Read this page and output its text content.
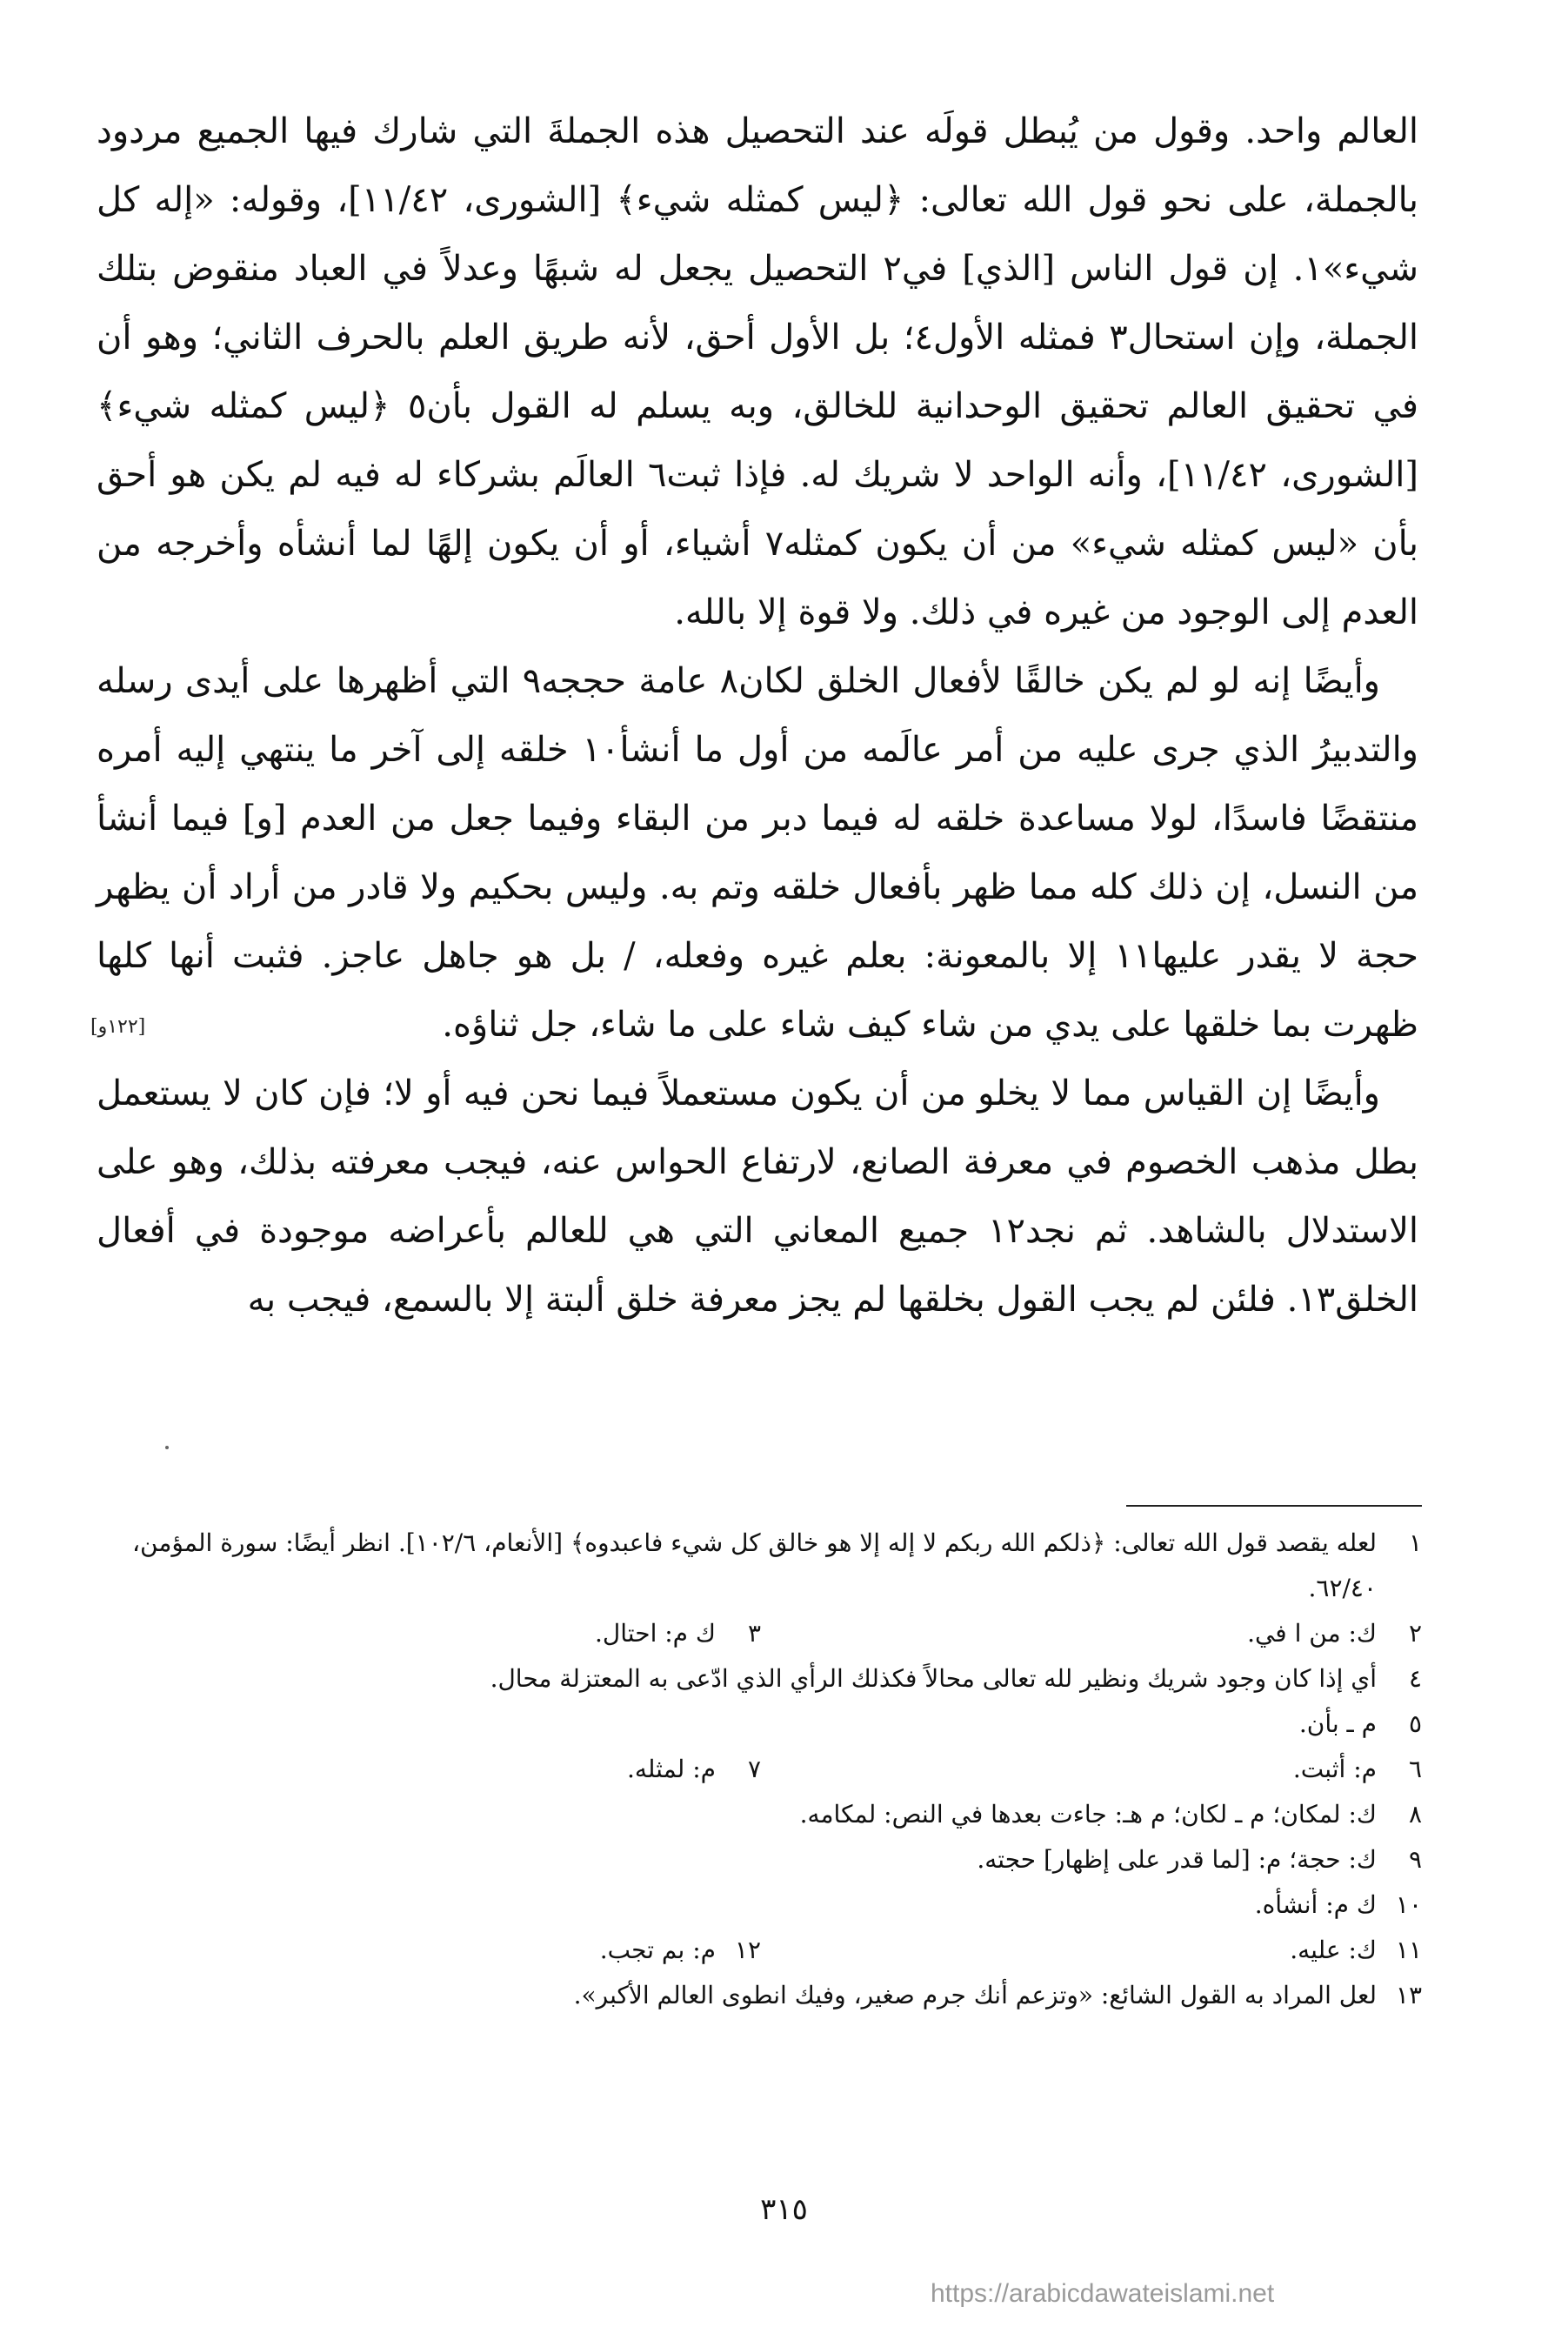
العالم واحد. وقول من يُبطل قولَه عند التحصيل هذه الجملةَ التي شارك فيها الجميع مردود بالجملة، على نحو قول الله تعالى: ﴿ليس كمثله شيء﴾ [الشورى، ١١/٤٢]، وقوله: «إله كل شيء»١. إن قول الناس [الذي] في٢ التحصيل يجعل له شبهًا وعدلاً في العباد منقوض بتلك الجملة، وإن استحال٣ فمثله الأول٤؛ بل الأول أحق، لأنه طريق العلم بالحرف الثاني؛ وهو أن في تحقيق العالم تحقيق الوحدانية للخالق، وبه يسلم له القول بأن٥ ﴿ليس كمثله شيء﴾ [الشورى، ١١/٤٢]، وأنه الواحد لا شريك له. فإذا ثبت٦ العالَم بشركاء له فيه لم يكن هو أحق بأن «ليس كمثله شيء» من أن يكون كمثله٧ أشياء، أو أن يكون إلهًا لما أنشأه وأخرجه من العدم إلى الوجود من غيره في ذلك. ولا قوة إلا بالله.

وأيضًا إنه لو لم يكن خالقًا لأفعال الخلق لكان٨ عامة حججه٩ التي أظهرها على أيدى رسله والتدبيرُ الذي جرى عليه من أمر عالَمه من أول ما أنشأ١٠ خلقه إلى آخر ما ينتهي إليه أمره منتقضًا فاسدًا، لولا مساعدة خلقه له فيما دبر من البقاء وفيما جعل من العدم [و] فيما أنشأ من النسل، إن ذلك كله مما ظهر بأفعال خلقه وتم به. وليس بحكيم ولا قادر من أراد أن يظهر حجة لا يقدر عليها١١ إلا بالمعونة: بعلم غيره وفعله، / بل هو جاهل عاجز. فثبت أنها كلها ظهرت بما خلقها على يدي من شاء كيف شاء على ما شاء، جل ثناؤه.

وأيضًا إن القياس مما لا يخلو من أن يكون مستعملاً فيما نحن فيه أو لا؛ فإن كان لا يستعمل بطل مذهب الخصوم في معرفة الصانع، لارتفاع الحواس عنه، فيجب معرفته بذلك، وهو على الاستدلال بالشاهد. ثم نجد١٢ جميع المعاني التي هي للعالم بأعراضه موجودة في أفعال الخلق١٣. فلئن لم يجب القول بخلقها لم يجز معرفة خلق ألبتة إلا بالسمع، فيجب به

[١٢٢و]
١
لعله يقصد قول الله تعالى: ﴿ذلكم الله ربكم لا إله إلا هو خالق كل شيء فاعبدوه﴾ [الأنعام، ١٠٢/٦]. انظر أيضًا: سورة المؤمن، ٦٢/٤٠.
٢
ك: من ا في.
٣
ك م: احتال.
٤
أي إذا كان وجود شريك ونظير لله تعالى محالاً فكذلك الرأي الذي ادّعى به المعتزلة محال.
٥
م ـ بأن.
٦
م: أثبت.
٧
م: لمثله.
٨
ك: لمكان؛ م ـ لكان؛ م هـ: جاءت بعدها في النص: لمكامه.
٩
ك: حجة؛ م: [لما قدر على إظهار] حجته.
١٠
ك م: أنشأه.
١١
ك: عليه.
١٢
م: بم تجب.
١٣
لعل المراد به القول الشائع: «وتزعم أنك جرم صغير، وفيك انطوى العالم الأكبر».
٣١٥
https://arabicdawateislami.net
